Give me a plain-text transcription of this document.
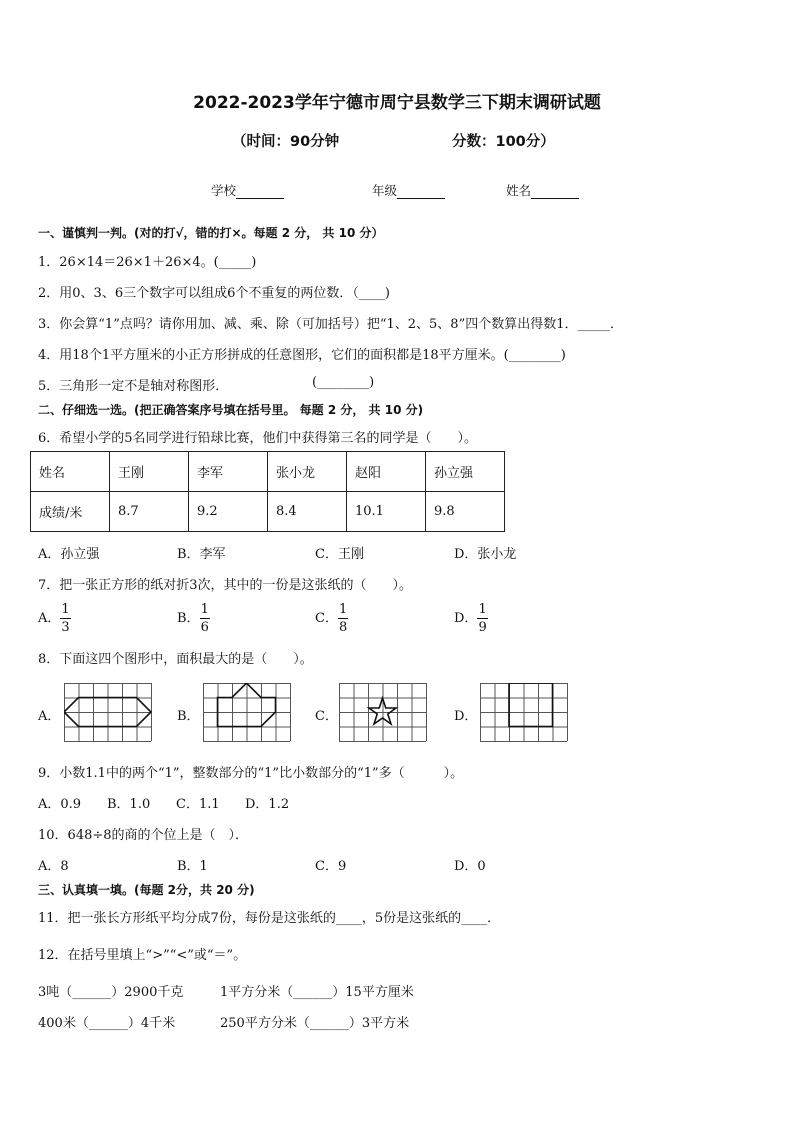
2022-2023学年宁德市周宁县数学三下期末调研试题
（时间：90分钟	分数：100分）
学校	年级	姓名
一、谨慎判一判。(对的打√，错的打×。每题 2 分， 共 10 分）
1．26×14＝26×1＋26×4。(_____)
2．用0、3、6三个数字可以组成6个不重复的两位数．（____)
3．你会算“1”点吗？请你用加、减、乘、除（可加括号）把“1、2、5、8”四个数算出得数1．_____．
4．用18个1平方厘米的小正方形拼成的任意图形，它们的面积都是18平方厘米。(________)
5．三角形一定不是轴对称图形．	(________)
二、仔细选一选。(把正确答案序号填在括号里。 每题 2 分， 共 10 分)
6．希望小学的5名同学进行铅球比赛，他们中获得第三名的同学是（　　）。
姓名	王刚	李军	张小龙	赵阳	孙立强
成绩/米	8.7	9.2	8.4	10.1	9.8
A．孙立强	B．李军	C．王刚	D．张小龙
7．把一张正方形的纸对折3次，其中的一份是这张纸的（　　）。
A． $\frac{1}{3}$	B． $\frac{1}{6}$	C． $\frac{1}{8}$	D． $\frac{1}{9}$
8．下面这四个图形中，面积最大的是（　　）。
A．	B．	C．	D．
9．小数1.1中的两个“1”，整数部分的“1”比小数部分的“1”多（　　　）。
A．0.9 B．1.0 C．1.1 D．1.2
10．648÷8的商的个位上是（　）．
A．8	B．1	C．9	D．0
三、认真填一填。(每题 2分，共 20 分)
11．把一张长方形纸平均分成7份，每份是这张纸的____，5份是这张纸的____．
12．在括号里填上“>”“<”或“＝”。
3吨（______）2900千克	1平方分米（______）15平方厘米
400米（______）4千米	250平方分米（______）3平方米
